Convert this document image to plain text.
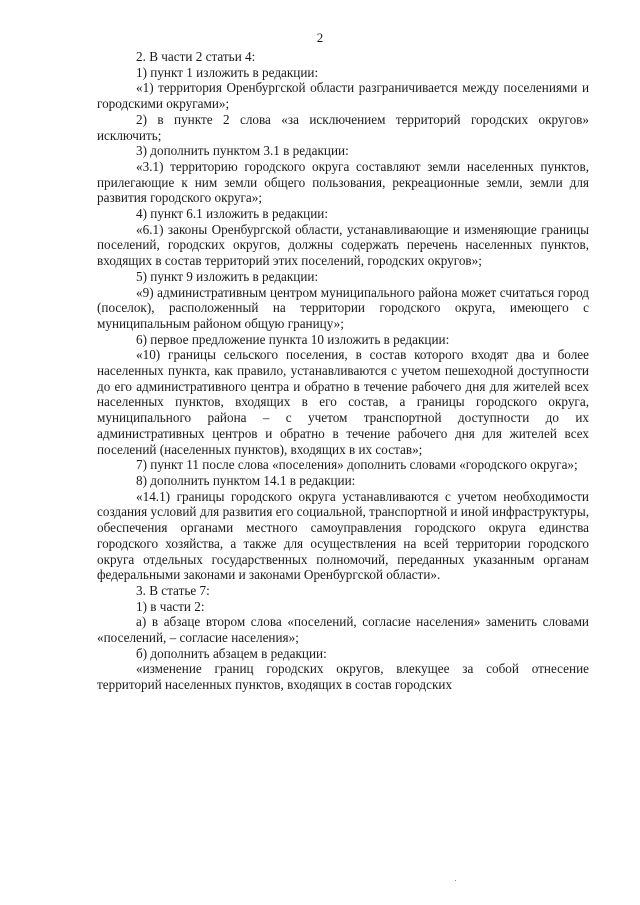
2

2. В части 2 статьи 4:

1) пункт 1 изложить в редакции:

«1) территория Оренбургской области разграничивается между поселениями и городскими округами»;

2) в пункте 2 слова «за исключением территорий городских округов» исключить;

3) дополнить пунктом 3.1 в редакции:

«3.1) территорию городского округа составляют земли населенных пунктов, прилегающие к ним земли общего пользования, рекреационные земли, земли для развития городского округа»;

4) пункт 6.1 изложить в редакции:

«6.1) законы Оренбургской области, устанавливающие и изменяющие границы поселений, городских округов, должны содержать перечень населенных пунктов, входящих в состав территорий этих поселений, городских округов»;

5) пункт 9 изложить в редакции:

«9) административным центром муниципального района может считаться город (поселок), расположенный на территории городского округа, имеющего с муниципальным районом общую границу»;

6) первое предложение пункта 10 изложить в редакции:

«10) границы сельского поселения, в состав которого входят два и более населенных пункта, как правило, устанавливаются с учетом пешеходной доступности до его административного центра и обратно в течение рабочего дня для жителей всех населенных пунктов, входящих в его состав, а границы городского округа, муниципального района – с учетом транспортной доступности до их административных центров и обратно в течение рабочего дня для жителей всех поселений (населенных пунктов), входящих в их состав»;

7) пункт 11 после слова «поселения» дополнить словами «городского округа»;

8) дополнить пунктом 14.1 в редакции:

«14.1) границы городского округа устанавливаются с учетом необходимости создания условий для развития его социальной, транспортной и иной инфраструктуры, обеспечения органами местного самоуправления городского округа единства городского хозяйства, а также для осуществления на всей территории городского округа отдельных государственных полномочий, переданных указанным органам федеральными законами и законами Оренбургской области».

3. В статье 7:

1) в части 2:

а) в абзаце втором слова «поселений, согласие населения» заменить словами «поселений, – согласие населения»;

б) дополнить абзацем в редакции:

«изменение границ городских округов, влекущее за собой отнесение территорий населенных пунктов, входящих в состав городских
